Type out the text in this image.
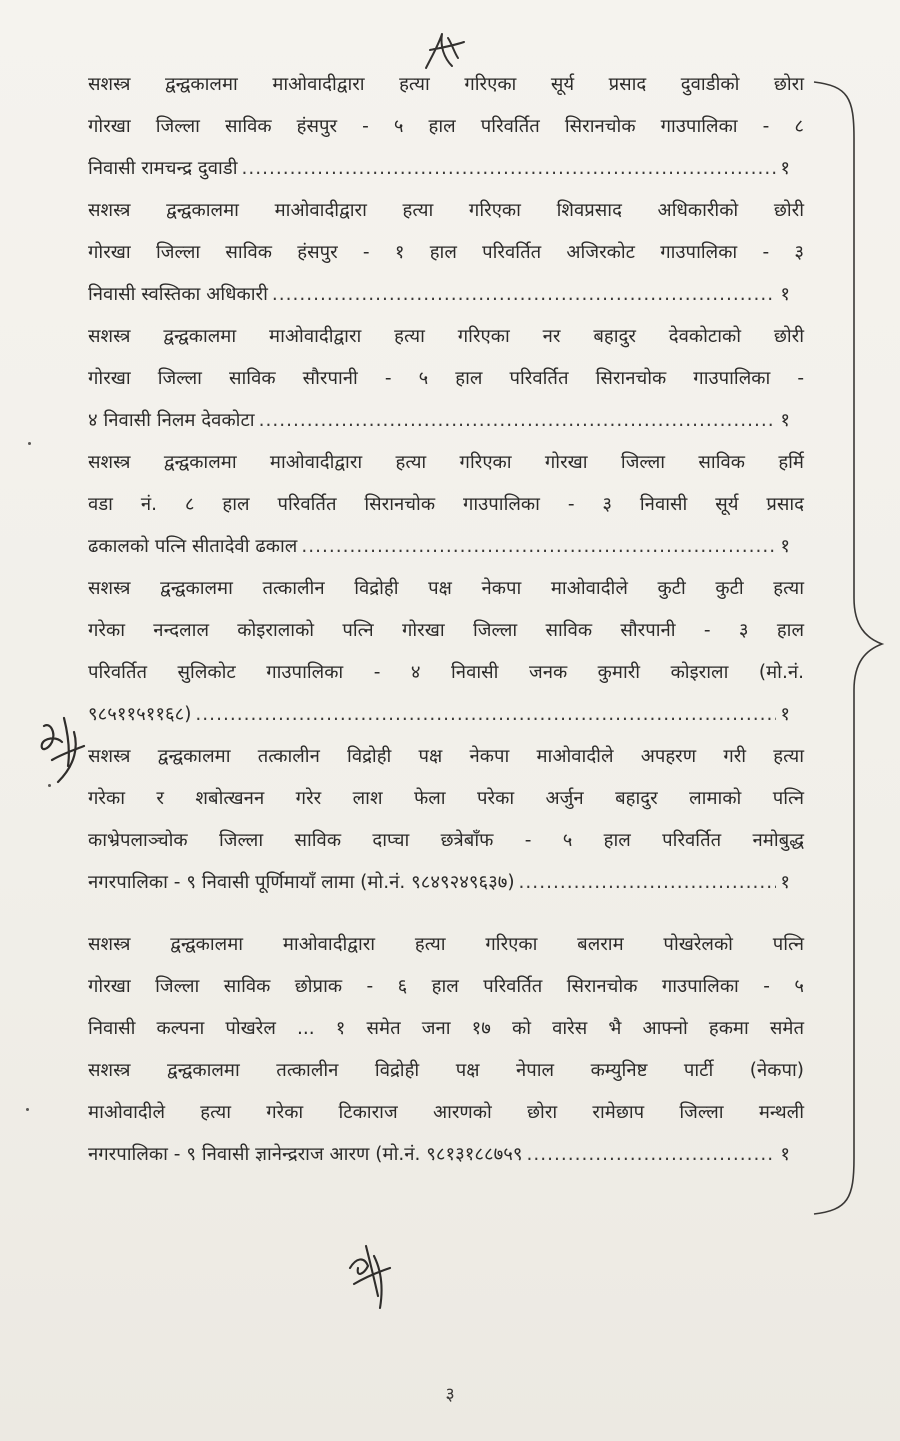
सशस्त्र द्वन्द्वकालमा माओवादीद्वारा हत्या गरिएका सूर्य प्रसाद दुवाडीको छोरा
गोरखा जिल्ला साविक हंसपुर - ५ हाल परिवर्तित सिरानचोक गाउपालिका - ८
निवासी रामचन्द्र दुवाडी .....	१
सशस्त्र द्वन्द्वकालमा माओवादीद्वारा हत्या गरिएका शिवप्रसाद अधिकारीको छोरी
गोरखा जिल्ला साविक हंसपुर - १ हाल परिवर्तित अजिरकोट गाउपालिका - ३
निवासी स्वस्तिका अधिकारी .....	१
सशस्त्र द्वन्द्वकालमा माओवादीद्वारा हत्या गरिएका नर बहादुर देवकोटाको छोरी
गोरखा जिल्ला साविक सौरपानी - ५ हाल परिवर्तित सिरानचोक गाउपालिका -
४ निवासी निलम देवकोटा .....	१
सशस्त्र द्वन्द्वकालमा माओवादीद्वारा हत्या गरिएका गोरखा जिल्ला साविक हर्मि
वडा नं. ८ हाल परिवर्तित सिरानचोक गाउपालिका - ३ निवासी सूर्य प्रसाद
ढकालको पत्नि सीतादेवी ढकाल .....	१
सशस्त्र द्वन्द्वकालमा तत्कालीन विद्रोही पक्ष नेकपा माओवादीले कुटी कुटी हत्या
गरेका नन्दलाल कोइरालाको पत्नि गोरखा जिल्ला साविक सौरपानी - ३ हाल
परिवर्तित सुलिकोट गाउपालिका - ४ निवासी जनक कुमारी कोइराला (मो.नं.
९८५११५११६८) .....	१
सशस्त्र द्वन्द्वकालमा तत्कालीन विद्रोही पक्ष नेकपा माओवादीले अपहरण गरी हत्या
गरेका र शबोत्खनन गरेर लाश फेला परेका अर्जुन बहादुर लामाको पत्नि
काभ्रेपलाञ्चोक जिल्ला साविक दाप्चा छत्रेबाँफ - ५ हाल परिवर्तित नमोबुद्ध
नगरपालिका - ९ निवासी पूर्णिमायाँ लामा (मो.नं. ९८४९२४९६३७) .....	१
सशस्त्र द्वन्द्वकालमा माओवादीद्वारा हत्या गरिएका बलराम पोखरेलको पत्नि
गोरखा जिल्ला साविक छोप्राक - ६ हाल परिवर्तित सिरानचोक गाउपालिका - ५
निवासी कल्पना पोखरेल ... १ समेत जना १७ को वारेस भै आफ्नो हकमा समेत
सशस्त्र द्वन्द्वकालमा तत्कालीन विद्रोही पक्ष नेपाल कम्युनिष्ट पार्टी (नेकपा)
माओवादीले हत्या गरेका टिकाराज आरणको छोरा रामेछाप जिल्ला मन्थली
नगरपालिका - ९ निवासी ज्ञानेन्द्रराज आरण (मो.नं. ९८१३१८८७५९ .....	१
३
